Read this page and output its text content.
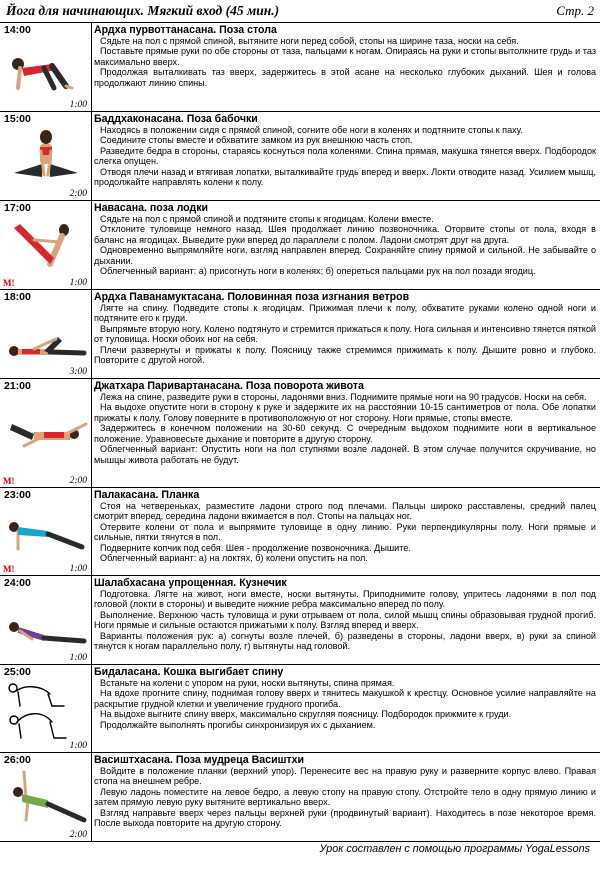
Йога для начинающих. Мягкий вход (45 мин.)	Стр. 2
14:00
1:00
Ардха пурвоттанасана. Поза стола

Сядьте на пол с прямой спиной, вытяните ноги перед собой, стопы на ширине таза, носки на себя.

Поставьте прямые руки по обе стороны от таза, пальцами к ногам. Опираясь на руки и стопы вытолкните грудь и таз максимально вверх.

Продолжая выталкивать таз вверх, задержитесь в этой асане на несколько глубоких дыханий. Шея и голова продолжают линию спины.

15:00
2:00
Баддхаконасана. Поза бабочки

Находясь в положении сидя с прямой спиной, согните обе ноги в коленях и подтяните стопы к паху.

Соедините стопы вместе и обхватите замком из рук внешнюю часть стоп.

Разведите бедра в стороны, стараясь коснуться пола коленями. Спина прямая, макушка тянется вверх. Подбородок слегка опущен.

Отводя плечи назад и втягивая лопатки, выталкивайте грудь вперед и вверх. Локти отводите назад. Усилием мышц, продолжайте направлять колени к полу.

17:00
M!	1:00
Навасана. поза лодки

Сядьте на пол с прямой спиной и подтяните стопы к ягодицам. Колени вместе.

Отклоните туловище немного назад. Шея продолжает линию позвоночника. Оторвите стопы от пола, входя в баланс на ягодицах. Выведите руки вперед до параллели с полом. Ладони смотрят друг на друга.

Одновременно выпрямляйте ноги, взгляд направлен вперед. Сохраняйте спину прямой и сильной. Не забывайте о дыхании.

Облегченный вариант: а) присогнуть ноги в коленях; б) опереться пальцами рук на пол позади ягодиц.

18:00
3:00
Ардха Паванамуктасана. Половинная поза изгнания ветров

Лягте на спину. Подведите стопы к ягодицам. Прижимая плечи к полу, обхватите руками колено одной ноги и подтяните его к груди.

Выпрямьте вторую ногу. Колено подтянуто и стремится прижаться к полу. Нога сильная и интенсивно тянется пяткой от туловища. Носки обоих ног на себя.

Плечи развернуты и прижаты к полу. Поясницу также стремимся прижимать к полу. Дышите ровно и глубоко. Повторите с другой ногой.

21:00
M!	2:00
Джатхара Паривартанасана. Поза поворота живота

Лежа на спине, разведите руки в стороны, ладонями вниз. Поднимите прямые ноги на 90 градусов. Носки на себя.

На выдохе опустите ноги в сторону к руке и задержите их на расстоянии 10-15 сантиметров от пола. Обе лопатки прижаты к полу. Голову поверните в противоположную от ног сторону. Ноги прямые, стопы вместе.

Задержитесь в конечном положении на 30-60 секунд. С очередным выдохом поднимите ноги в вертикальное положение. Уравновесьте дыхание и повторите в другую сторону.

Облегченный вариант: Опустить ноги на пол ступнями возле ладоней. В этом случае получится скручивание, но мышцы живота работать не будут.

23:00
M!	1:00
Палакасана. Планка

Стоя на четвереньках, разместите ладони строго под плечами. Пальцы широко расставлены, средний палец смотрит вперед, середина ладони вжимается в пол. Стопы на пальцах ног.

Отервите колени от пола и выпрямите туловище в одну линию. Руки перпендикулярны полу. Ноги прямые и сильные, пятки тянутся в пол.

Подверните копчик под себя. Шея - продолжение позвоночника. Дышите.

Облегченный вариант: а) на локтях, б) колени опустить на пол.

24:00
1:00
Шалабхасана упрощенная. Кузнечик

Подготовка. Лягте на живот, ноги вместе, носки вытянуты. Приподнимите голову, упритесь ладонями в пол под головой (локти в стороны) и выведите нижние ребра максимально вперед по полу.

Выполнение. Верхнюю часть туловища и руки отрываем от пола, силой мышц спины образовывая грудной прогиб. Ноги прямые и сильные остаются прижатыми к полу. Взгляд вперед и вверх.

Варианты положения рук: а) согнуты возле плечей, б) разведены в стороны, ладони вверх, в) руки за спиной тянутся к ногам параллельно полу, г) вытянуты над головой.

25:00
1:00
Бидаласана. Кошка выгибает спину

Встаньте на колени с упором на руки, носки вытянуты, спина прямая.

На вдохе прогните спину, поднимая голову вверх и тянитесь макушкой к крестцу. Основное усилие направляйте на раскрытие грудной клетки и увеличение грудного прогиба.

На выдохе выгните спину вверх, максимально скругляя поясницу. Подбородок прижмите к груди.

Продолжайте выполнять прогибы синхронизируя их с дыханием.

26:00
2:00
Васиштхасана. Поза мудреца Васиштхи

Войдите в положение планки (верхний упор). Перенесите вес на правую руку и разверните корпус влево. Правая стопа на внешнем ребре.

Левую ладонь поместите на левое бедро, а левую стопу на правую стопу. Отстройте тело в одну прямую линию и затем прямую левую руку вытяните вертикально вверх.

Взгляд направьте вверх через пальцы верхней руки (продвинутый вариант). Находитесь в позе некоторое время. После выхода повторите на другую сторону.

Урок составлен с помощью программы YogaLessons
